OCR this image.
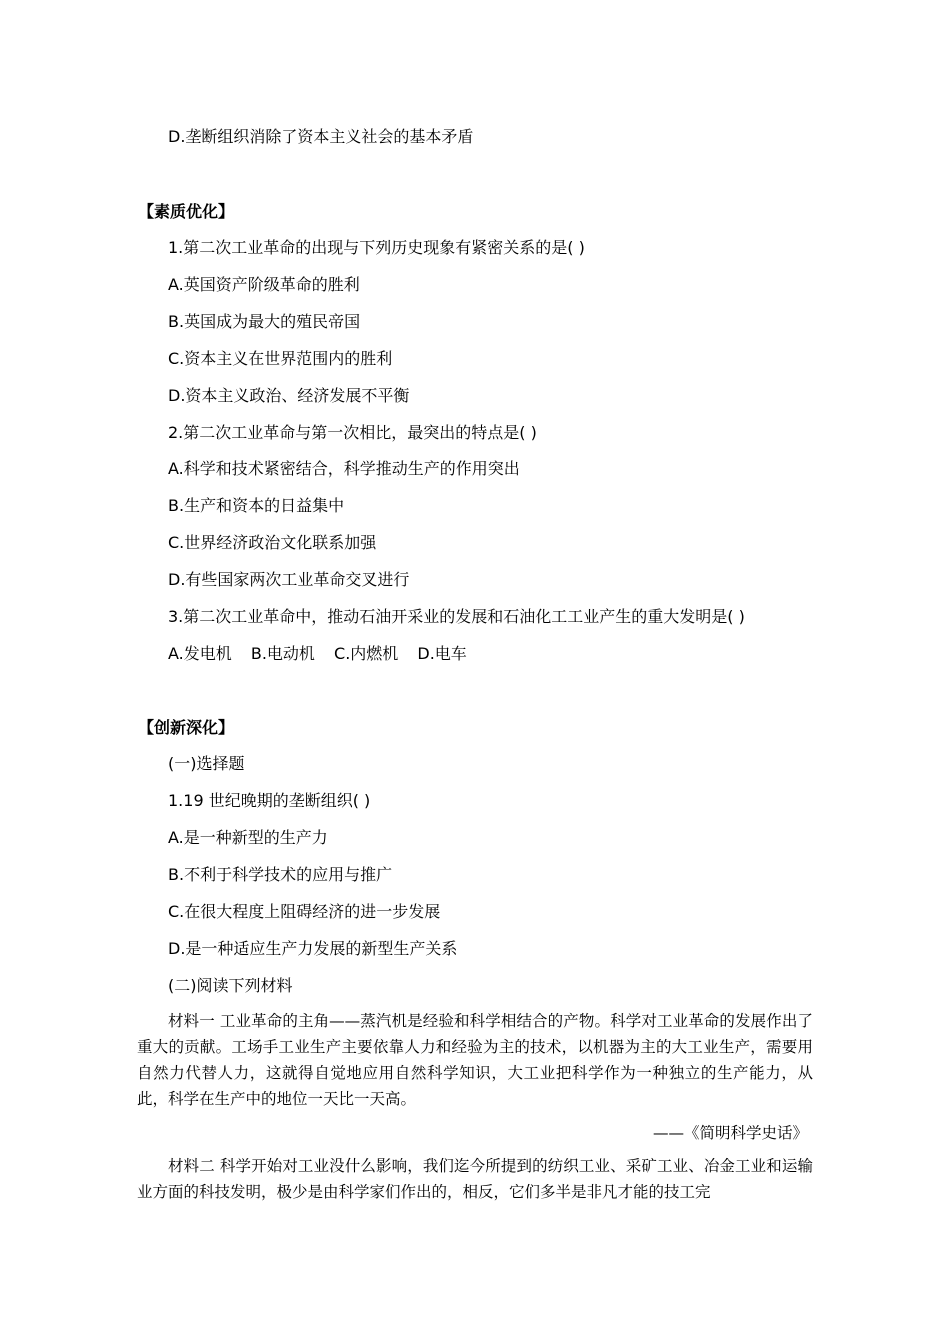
D.垄断组织消除了资本主义社会的基本矛盾
【素质优化】
1.第二次工业革命的出现与下列历史现象有紧密关系的是( )
A.英国资产阶级革命的胜利
B.英国成为最大的殖民帝国
C.资本主义在世界范围内的胜利
D.资本主义政治、经济发展不平衡
2.第二次工业革命与第一次相比，最突出的特点是( )
A.科学和技术紧密结合，科学推动生产的作用突出
B.生产和资本的日益集中
C.世界经济政治文化联系加强
D.有些国家两次工业革命交叉进行
3.第二次工业革命中，推动石油开采业的发展和石油化工工业产生的重大发明是( )
A.发电机 B.电动机 C.内燃机 D.电车
【创新深化】
(一)选择题
1.19 世纪晚期的垄断组织( )
A.是一种新型的生产力
B.不利于科学技术的应用与推广
C.在很大程度上阻碍经济的进一步发展
D.是一种适应生产力发展的新型生产关系
(二)阅读下列材料
材料一 工业革命的主角——蒸汽机是经验和科学相结合的产物。科学对工业革命的发展作出了重大的贡献。工场手工业生产主要依靠人力和经验为主的技术，以机器为主的大工业生产，需要用自然力代替人力，这就得自觉地应用自然科学知识，大工业把科学作为一种独立的生产能力，从此，科学在生产中的地位一天比一天高。
——《简明科学史话》
材料二 科学开始对工业没什么影响，我们迄今所提到的纺织工业、采矿工业、冶金工业和运输业方面的科技发明，极少是由科学家们作出的，相反，它们多半是非凡才能的技工完
